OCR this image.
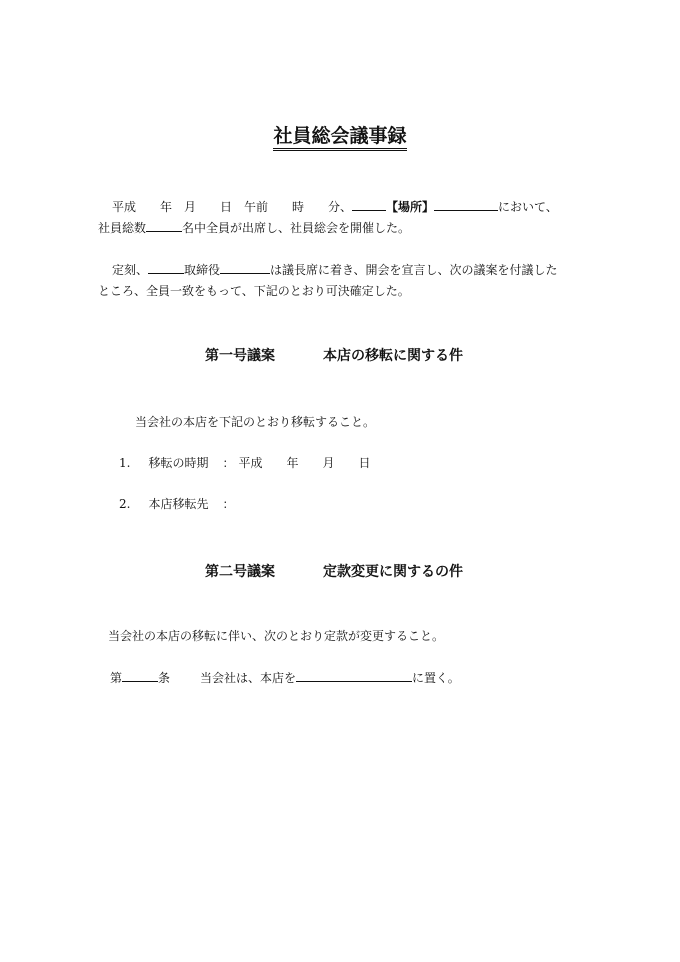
社員総会議事録
平成　　年　月　　日　午前　　時　　分、	【場所】	において、
社員総数	名中全員が出席し、社員総会を開催した。
定刻、	取締役	は議長席に着き、開会を宣言し、次の議案を付議した
ところ、全員一致をもって、下記のとおり可決確定した。
第一号議案	本店の移転に関する件
当会社の本店を下記のとおり移転すること。
1. 移転の時期 ： 平成　　年　　月　　日
2. 本店移転先 ：
第二号議案	定款変更に関するの件
当会社の本店の移転に伴い、次のとおり定款が変更すること。
第	条	当会社は、本店を	に置く。
